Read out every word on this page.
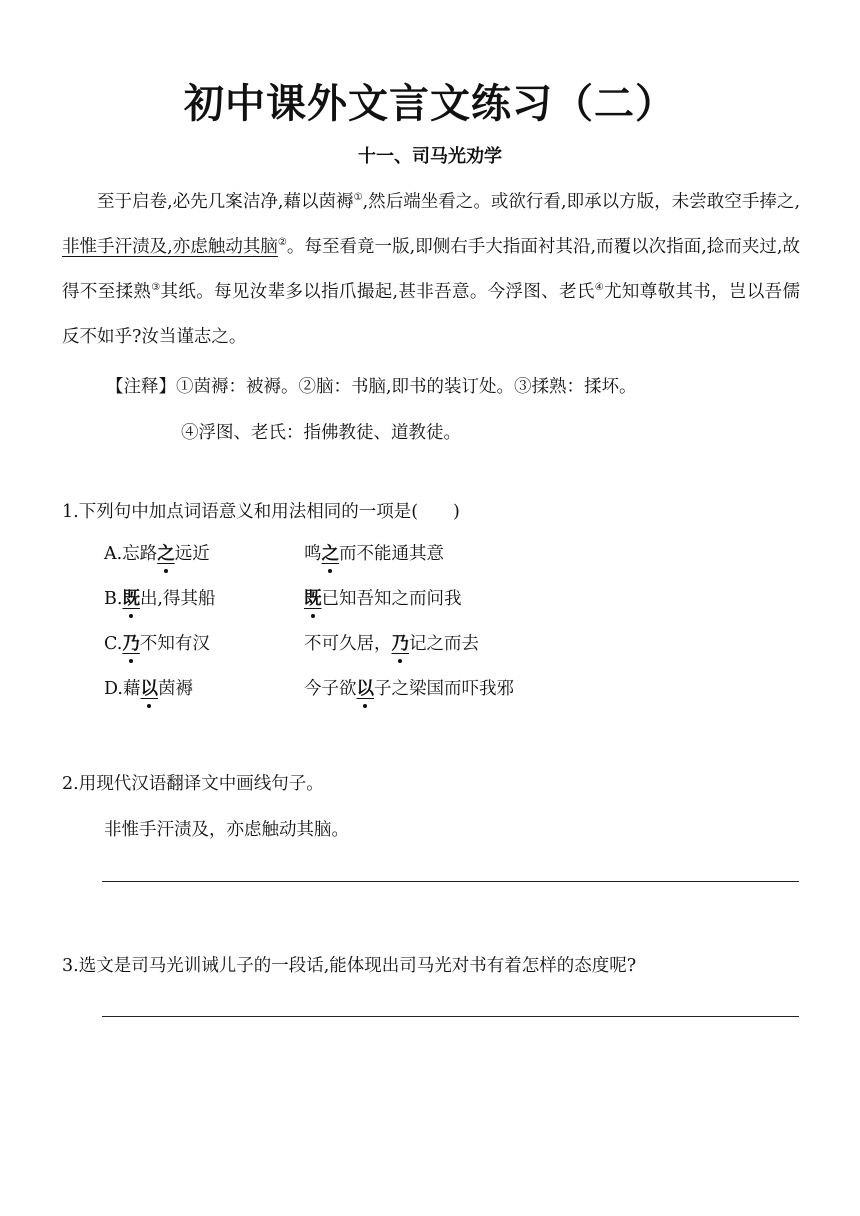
初中课外文言文练习（二）
十一、司马光劝学

至于启卷,必先几案洁净,藉以茵褥①,然后端坐看之。或欲行看,即承以方版，未尝敢空手捧之,非惟手汗渍及,亦虑触动其脑②。每至看竟一版,即侧右手大指面衬其沿,而覆以次指面,捻而夹过,故得不至揉熟③其纸。每见汝辈多以指爪撮起,甚非吾意。今浮图、老氏④尤知尊敬其书，岂以吾儒反不如乎?汝当谨志之。

【注释】①茵褥：被褥。②脑：书脑,即书的装订处。③揉熟：揉坏。
④浮图、老氏：指佛教徒、道教徒。
1.下列句中加点词语意义和用法相同的一项是(　　)
A.忘路之远近	鸣之而不能通其意
B.既出,得其船	既已知吾知之而问我
C.乃不知有汉	不可久居，乃记之而去
D.藉以茵褥	今子欲以子之梁国而吓我邪
2.用现代汉语翻译文中画线句子。
非惟手汗渍及，亦虑触动其脑。
3.选文是司马光训诫儿子的一段话,能体现出司马光对书有着怎样的态度呢?
